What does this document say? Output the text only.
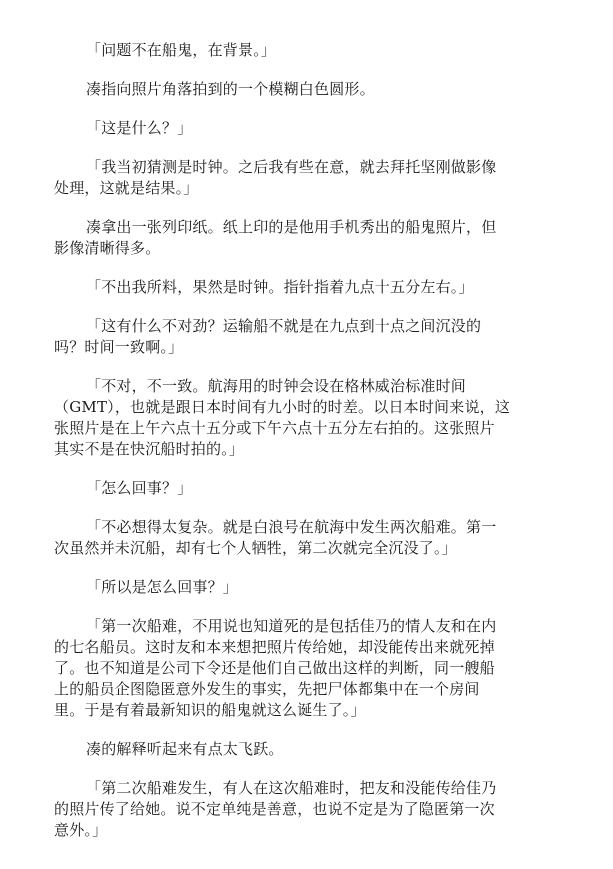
「问题不在船鬼，在背景。」
凑指向照片角落拍到的一个模糊白色圆形。
「这是什么？」
「我当初猜测是时钟。之后我有些在意，就去拜托坚刚做影像
处理，这就是结果。」
凑拿出一张列印纸。纸上印的是他用手机秀出的船鬼照片，但
影像清晰得多。
「不出我所料，果然是时钟。指针指着九点十五分左右。」
「这有什么不对劲？运输船不就是在九点到十点之间沉没的
吗？时间一致啊。」
「不对，不一致。航海用的时钟会设在格林威治标准时间
（GMT），也就是跟日本时间有九小时的时差。以日本时间来说，这
张照片是在上午六点十五分或下午六点十五分左右拍的。这张照片
其实不是在快沉船时拍的。」
「怎么回事？」
「不必想得太复杂。就是白浪号在航海中发生两次船难。第一
次虽然并未沉船，却有七个人牺牲，第二次就完全沉没了。」
「所以是怎么回事？」
「第一次船难，不用说也知道死的是包括佳乃的情人友和在内
的七名船员。这时友和本来想把照片传给她，却没能传出来就死掉
了。也不知道是公司下令还是他们自己做出这样的判断，同一艘船
上的船员企图隐匿意外发生的事实，先把尸体都集中在一个房间
里。于是有着最新知识的船鬼就这么诞生了。」
凑的解释听起来有点太飞跃。
「第二次船难发生，有人在这次船难时，把友和没能传给佳乃
的照片传了给她。说不定单纯是善意，也说不定是为了隐匿第一次
意外。」
